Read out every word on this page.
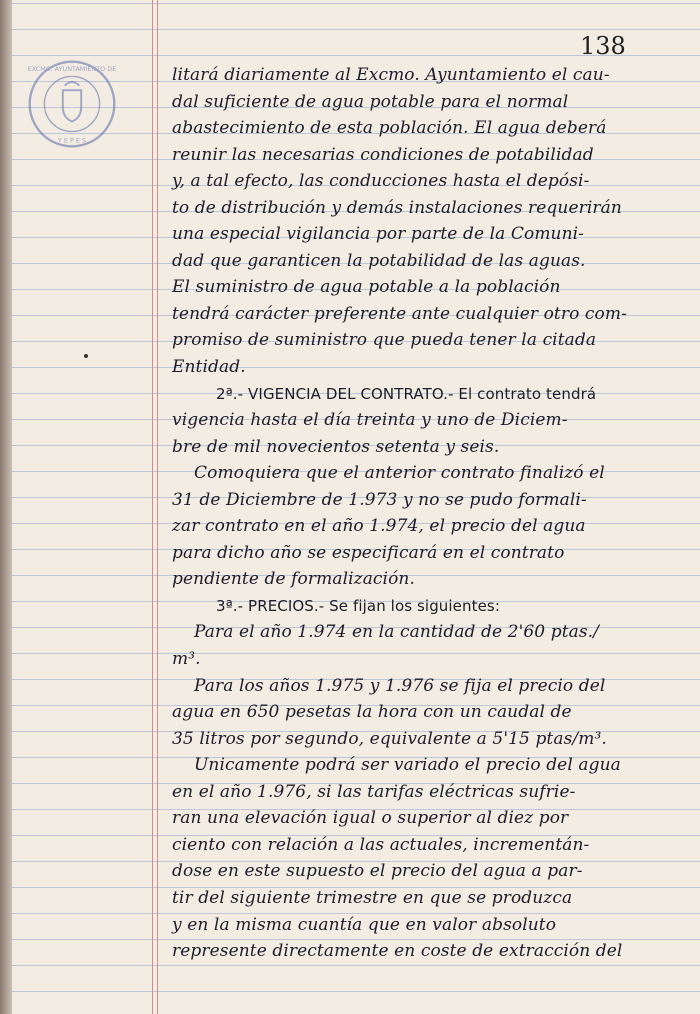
EXCMO. AYUNTAMIENTO DE
Y E P E S
138
litará diariamente al Excmo. Ayuntamiento el cau-
dal suficiente de agua potable para el normal
abastecimiento de esta población. El agua deberá
reunir las necesarias condiciones de potabilidad
y, a tal efecto, las conducciones hasta el depósi-
to de distribución y demás instalaciones requerirán
una especial vigilancia por parte de la Comuni-
dad que garanticen la potabilidad de las aguas.
El suministro de agua potable a la población
tendrá carácter preferente ante cualquier otro com-
promiso de suministro que pueda tener la citada
Entidad.
2ª.- VIGENCIA DEL CONTRATO.- El contrato tendrá
vigencia hasta el día treinta y uno de Diciem-
bre de mil novecientos setenta y seis.
Comoquiera que el anterior contrato finalizó el
31 de Diciembre de 1.973 y no se pudo formali-
zar contrato en el año 1.974, el precio del agua
para dicho año se especificará en el contrato
pendiente de formalización.
3ª.- PRECIOS.- Se fijan los siguientes:
Para el año 1.974 en la cantidad de 2'60 ptas./
m³.
Para los años 1.975 y 1.976 se fija el precio del
agua en 650 pesetas la hora con un caudal de
35 litros por segundo, equivalente a 5'15 ptas/m³.
Unicamente podrá ser variado el precio del agua
en el año 1.976, si las tarifas eléctricas sufrie-
ran una elevación igual o superior al diez por
ciento con relación a las actuales, incrementán-
dose en este supuesto el precio del agua a par-
tir del siguiente trimestre en que se produzca
y en la misma cuantía que en valor absoluto
represente directamente en coste de extracción del
